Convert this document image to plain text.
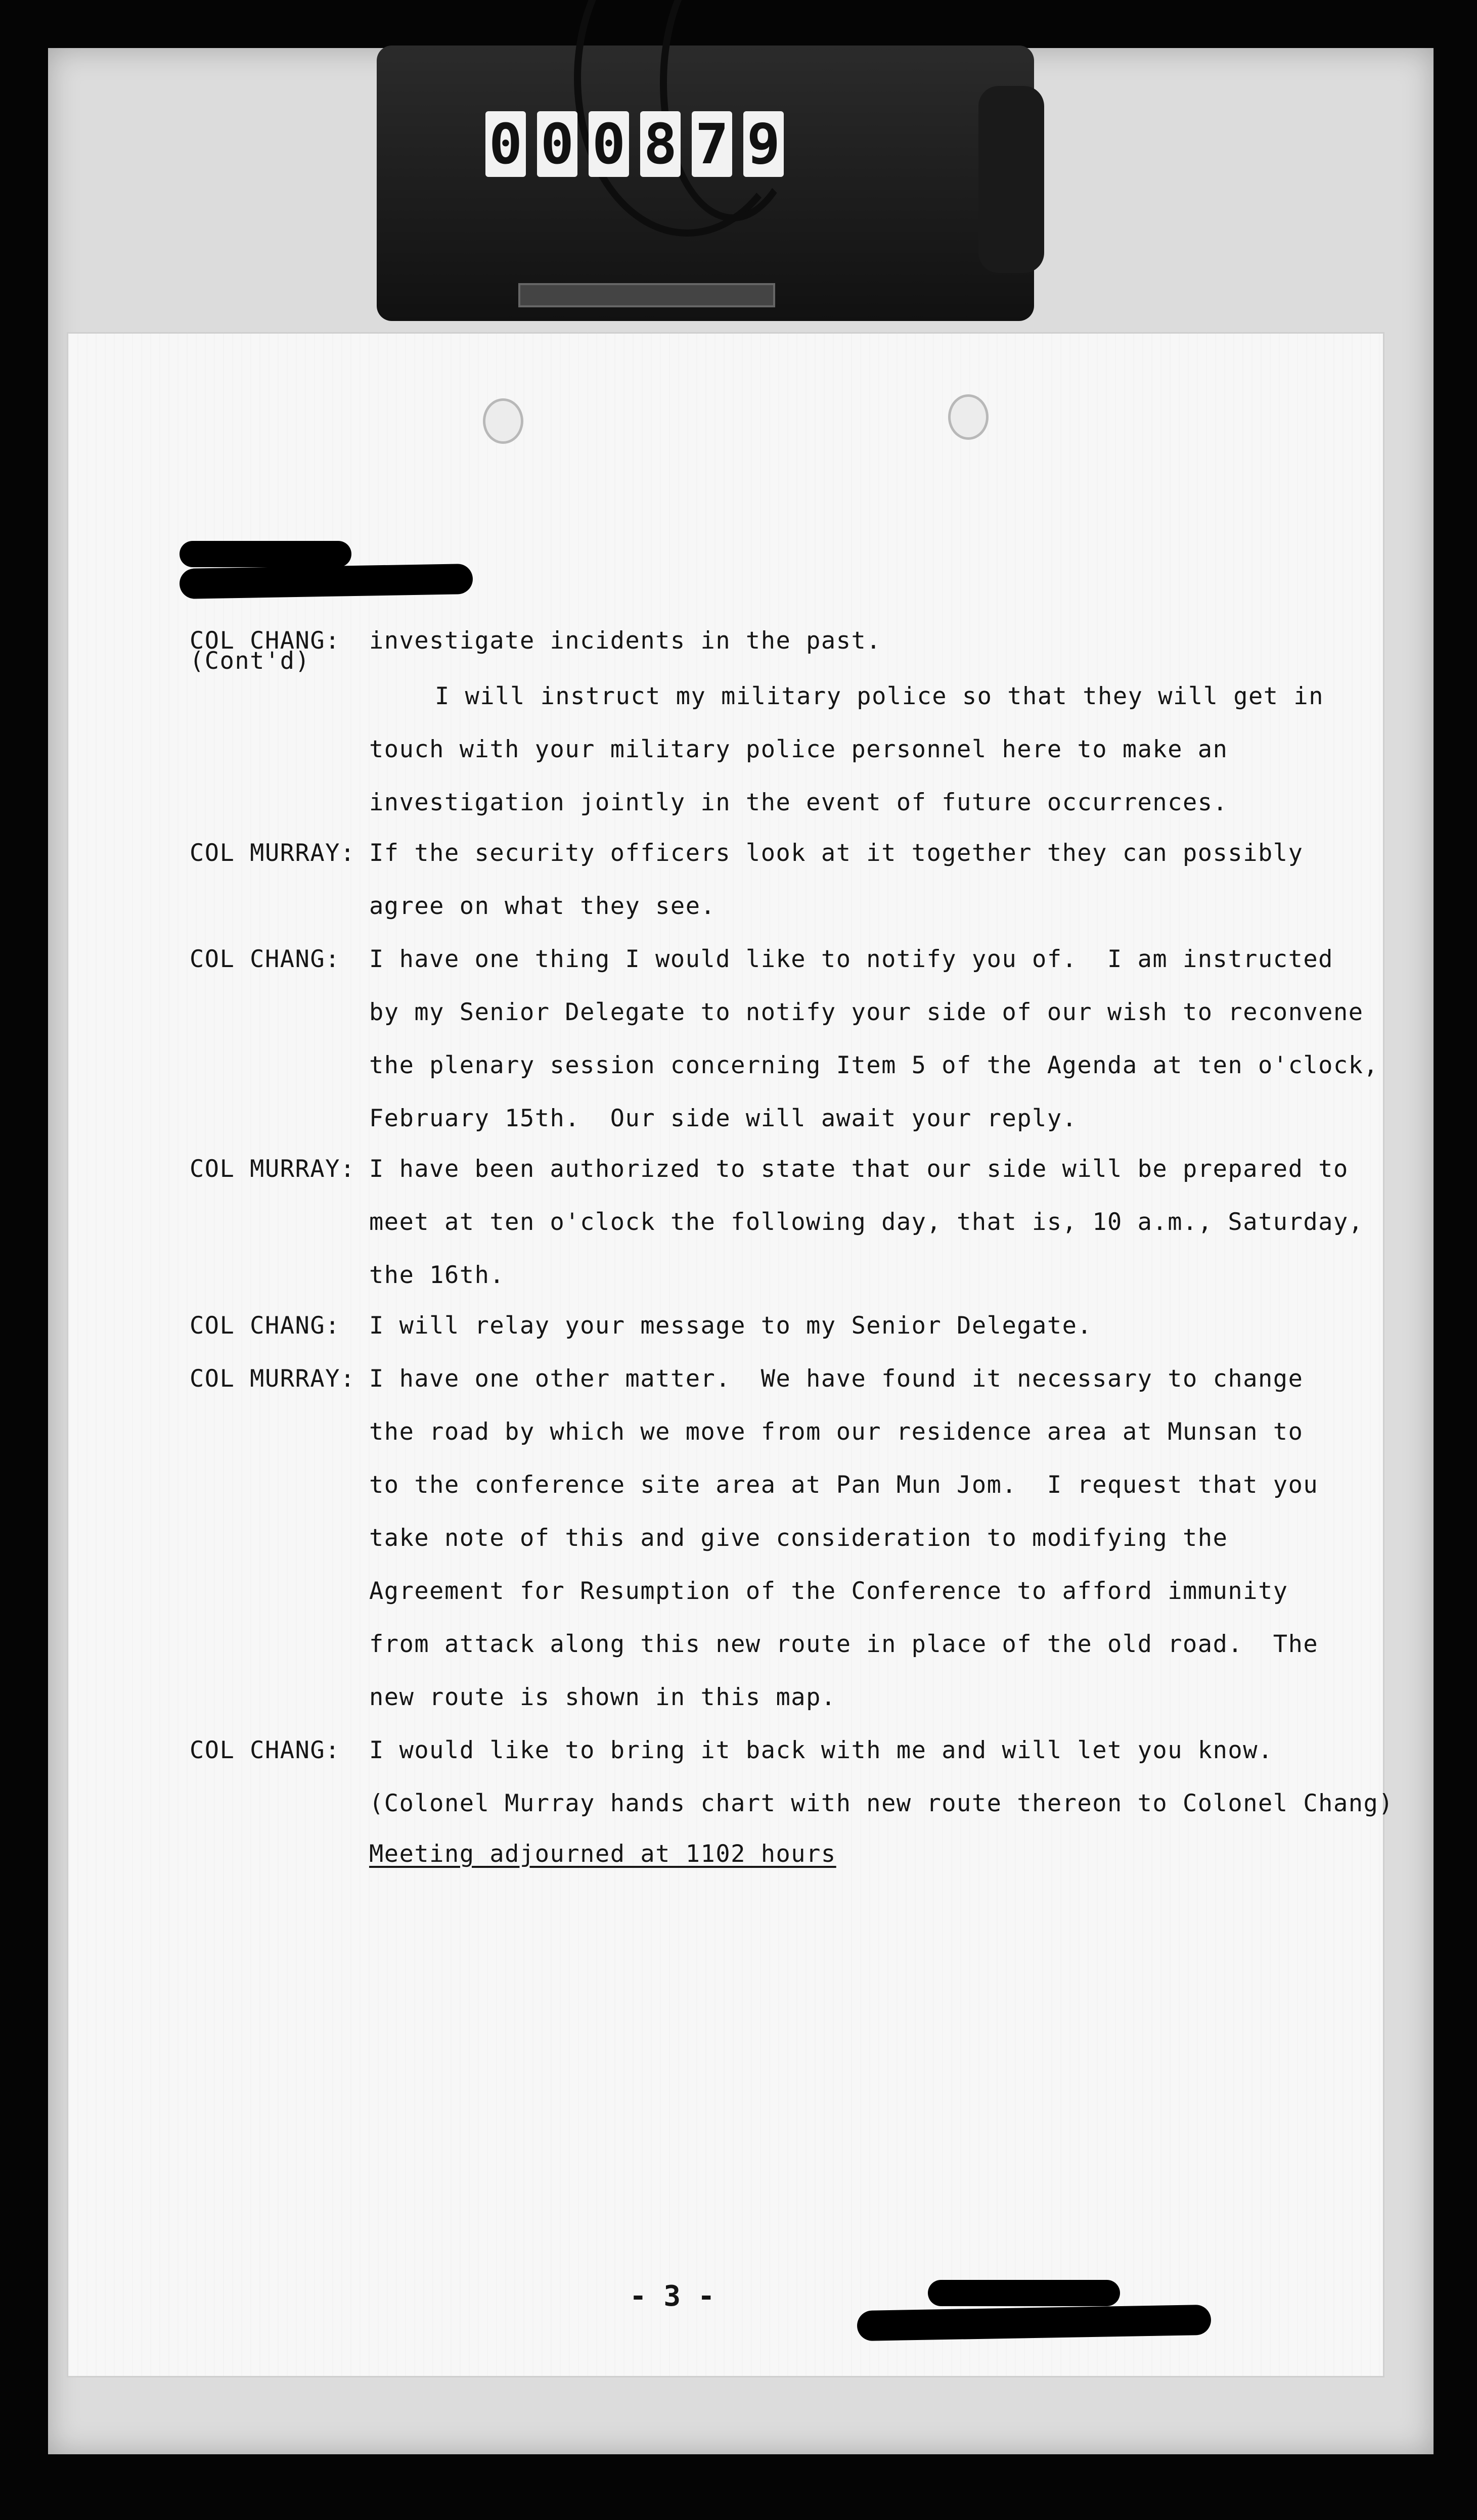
0 0 0 8 7 9
COL CHANG: investigate incidents in the past.
(Cont'd)
I will instruct my military police so that they will get in
touch with your military police personnel here to make an
investigation jointly in the event of future occurrences.
COL MURRAY: If the security officers look at it together they can possibly
agree on what they see.
COL CHANG: I have one thing I would like to notify you of.  I am instructed
by my Senior Delegate to notify your side of our wish to reconvene
the plenary session concerning Item 5 of the Agenda at ten o'clock,
February 15th.  Our side will await your reply.
COL MURRAY: I have been authorized to state that our side will be prepared to
meet at ten o'clock the following day, that is, 10 a.m., Saturday,
the 16th.
COL CHANG: I will relay your message to my Senior Delegate.
COL MURRAY: I have one other matter.  We have found it necessary to change
the road by which we move from our residence area at Munsan to
to the conference site area at Pan Mun Jom.  I request that you
take note of this and give consideration to modifying the
Agreement for Resumption of the Conference to afford immunity
from attack along this new route in place of the old road.  The
new route is shown in this map.
COL CHANG: I would like to bring it back with me and will let you know.
(Colonel Murray hands chart with new route thereon to Colonel Chang)
Meeting adjourned at 1102 hours
- 3 -
